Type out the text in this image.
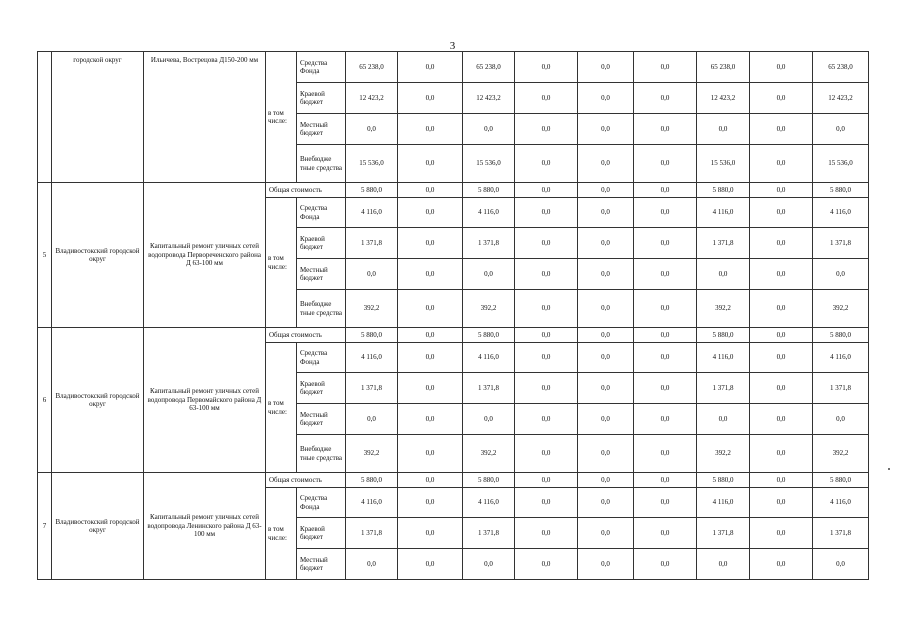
3
	городской округ	Ильичева, Вострецова Д150-200 мм	в том числе:	Средства Фонда	65 238,0	0,0	65 238,0	0,0	0,0	0,0	65 238,0	0,0	65 238,0
				Краевой бюджет	12 423,2	0,0	12 423,2	0,0	0,0	0,0	12 423,2	0,0	12 423,2
				Местный бюджет	0,0	0,0	0,0	0,0	0,0	0,0	0,0	0,0	0,0
				Внебюдже тные средства	15 536,0	0,0	15 536,0	0,0	0,0	0,0	15 536,0	0,0	15 536,0
5	Владивостокский городской округ	Капитальный ремонт уличных сетей водопровода Первореченского района Д 63-100 мм	Общая стоимость		5 880,0	0,0	5 880,0	0,0	0,0	0,0	5 880,0	0,0	5 880,0
			в том числе:	Средства Фонда	4 116,0	0,0	4 116,0	0,0	0,0	0,0	4 116,0	0,0	4 116,0
				Краевой бюджет	1 371,8	0,0	1 371,8	0,0	0,0	0,0	1 371,8	0,0	1 371,8
				Местный бюджет	0,0	0,0	0,0	0,0	0,0	0,0	0,0	0,0	0,0
				Внебюдже тные средства	392,2	0,0	392,2	0,0	0,0	0,0	392,2	0,0	392,2
6	Владивостокский городской округ	Капитальный ремонт уличных сетей водопровода Первомайского района Д 63-100 мм	Общая стоимость		5 880,0	0,0	5 880,0	0,0	0,0	0,0	5 880,0	0,0	5 880,0
			в том числе:	Средства Фонда	4 116,0	0,0	4 116,0	0,0	0,0	0,0	4 116,0	0,0	4 116,0
				Краевой бюджет	1 371,8	0,0	1 371,8	0,0	0,0	0,0	1 371,8	0,0	1 371,8
				Местный бюджет	0,0	0,0	0,0	0,0	0,0	0,0	0,0	0,0	0,0
				Внебюдже тные средства	392,2	0,0	392,2	0,0	0,0	0,0	392,2	0,0	392,2
7	Владивостокский городской округ	Капитальный ремонт уличных сетей водопровода Ленинского района Д 63-100 мм	Общая стоимость		5 880,0	0,0	5 880,0	0,0	0,0	0,0	5 880,0	0,0	5 880,0
			в том числе:	Средства Фонда	4 116,0	0,0	4 116,0	0,0	0,0	0,0	4 116,0	0,0	4 116,0
				Краевой бюджет	1 371,8	0,0	1 371,8	0,0	0,0	0,0	1 371,8	0,0	1 371,8
				Местный бюджет	0,0	0,0	0,0	0,0	0,0	0,0	0,0	0,0	0,0
